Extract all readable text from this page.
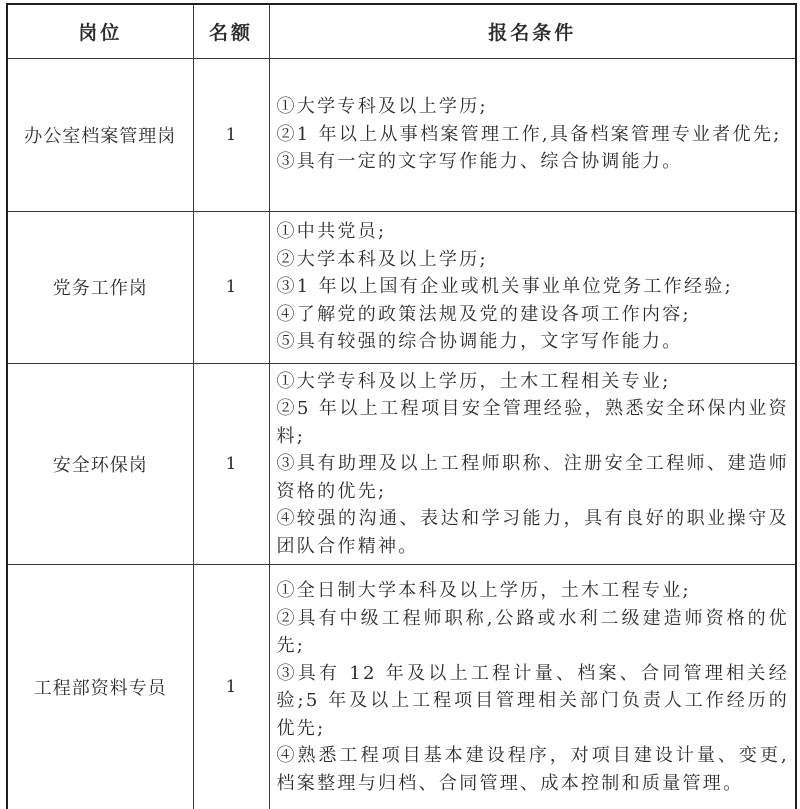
岗位	名额	报名条件
办公室档案管理岗	1	①大学专科及以上学历;
②1 年以上从事档案管理工作,具备档案管理专业者优先;
③具有一定的文字写作能力、综合协调能力。

党务工作岗	1	①中共党员;
②大学本科及以上学历;
③1 年以上国有企业或机关事业单位党务工作经验;
④了解党的政策法规及党的建设各项工作内容;
⑤具有较强的综合协调能力，文字写作能力。

安全环保岗	1	①大学专科及以上学历，土木工程相关专业;
②5 年以上工程项目安全管理经验，熟悉安全环保内业资料;
③具有助理及以上工程师职称、注册安全工程师、建造师资格的优先;
④较强的沟通、表达和学习能力，具有良好的职业操守及团队合作精神。

工程部资料专员	1	①全日制大学本科及以上学历，土木工程专业;
②具有中级工程师职称,公路或水利二级建造师资格的优先;
③具有 12 年及以上工程计量、档案、合同管理相关经验;5 年及以上工程项目管理相关部门负责人工作经历的优先;
④熟悉工程项目基本建设程序，对项目建设计量、变更,档案整理与归档、合同管理、成本控制和质量管理。
